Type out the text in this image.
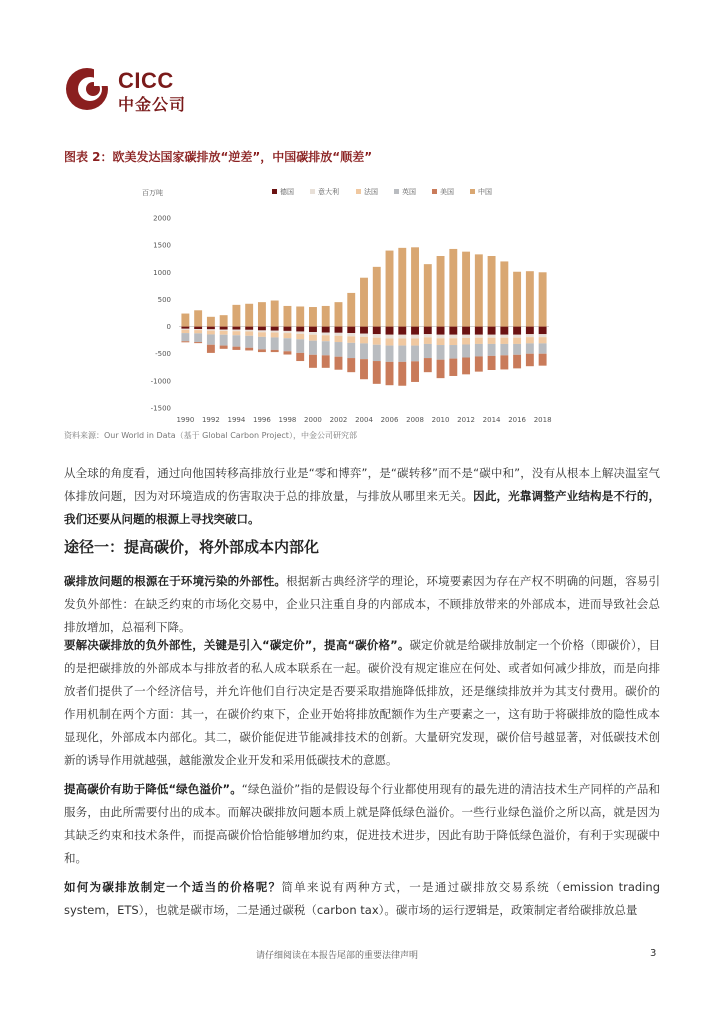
CICC
中金公司
图表 2：欧美发达国家碳排放“逆差”，中国碳排放“顺差”
百万吨	德国	意大利	法国	英国	美国	中国
2000
1500
1000
500
0
-500
-1000
-1500
1990 1992 1994 1996 1998 2000 2002 2004 2006 2008 2010 2012 2014 2016 2018
资料来源：Our World in Data（基于 Global Carbon Project），中金公司研究部
从全球的角度看，通过向他国转移高排放行业是“零和博弈”，是“碳转移”而不是“碳中和”，没有从根本上解决温室气体排放问题，因为对环境造成的伤害取决于总的排放量，与排放从哪里来无关。因此，光靠调整产业结构是不行的，我们还要从问题的根源上寻找突破口。
途径一：提高碳价，将外部成本内部化
碳排放问题的根源在于环境污染的外部性。根据新古典经济学的理论，环境要素因为存在产权不明确的问题，容易引发负外部性：在缺乏约束的市场化交易中，企业只注重自身的内部成本，不顾排放带来的外部成本，进而导致社会总排放增加，总福利下降。
要解决碳排放的负外部性，关键是引入“碳定价”，提高“碳价格”。碳定价就是给碳排放制定一个价格（即碳价），目的是把碳排放的外部成本与排放者的私人成本联系在一起。碳价没有规定谁应在何处、或者如何减少排放，而是向排放者们提供了一个经济信号，并允许他们自行决定是否要采取措施降低排放，还是继续排放并为其支付费用。碳价的作用机制在两个方面：其一，在碳价约束下，企业开始将排放配额作为生产要素之一，这有助于将碳排放的隐性成本显现化，外部成本内部化。其二，碳价能促进节能减排技术的创新。大量研究发现，碳价信号越显著，对低碳技术创新的诱导作用就越强，越能激发企业开发和采用低碳技术的意愿。
提高碳价有助于降低“绿色溢价”。“绿色溢价”指的是假设每个行业都使用现有的最先进的清洁技术生产同样的产品和服务，由此所需要付出的成本。而解决碳排放问题本质上就是降低绿色溢价。一些行业绿色溢价之所以高，就是因为其缺乏约束和技术条件，而提高碳价恰恰能够增加约束，促进技术进步，因此有助于降低绿色溢价，有利于实现碳中和。
如何为碳排放制定一个适当的价格呢？简单来说有两种方式，一是通过碳排放交易系统（emission trading system，ETS），也就是碳市场，二是通过碳税（carbon tax）。碳市场的运行逻辑是，政策制定者给碳排放总量
请仔细阅读在本报告尾部的重要法律声明	3
